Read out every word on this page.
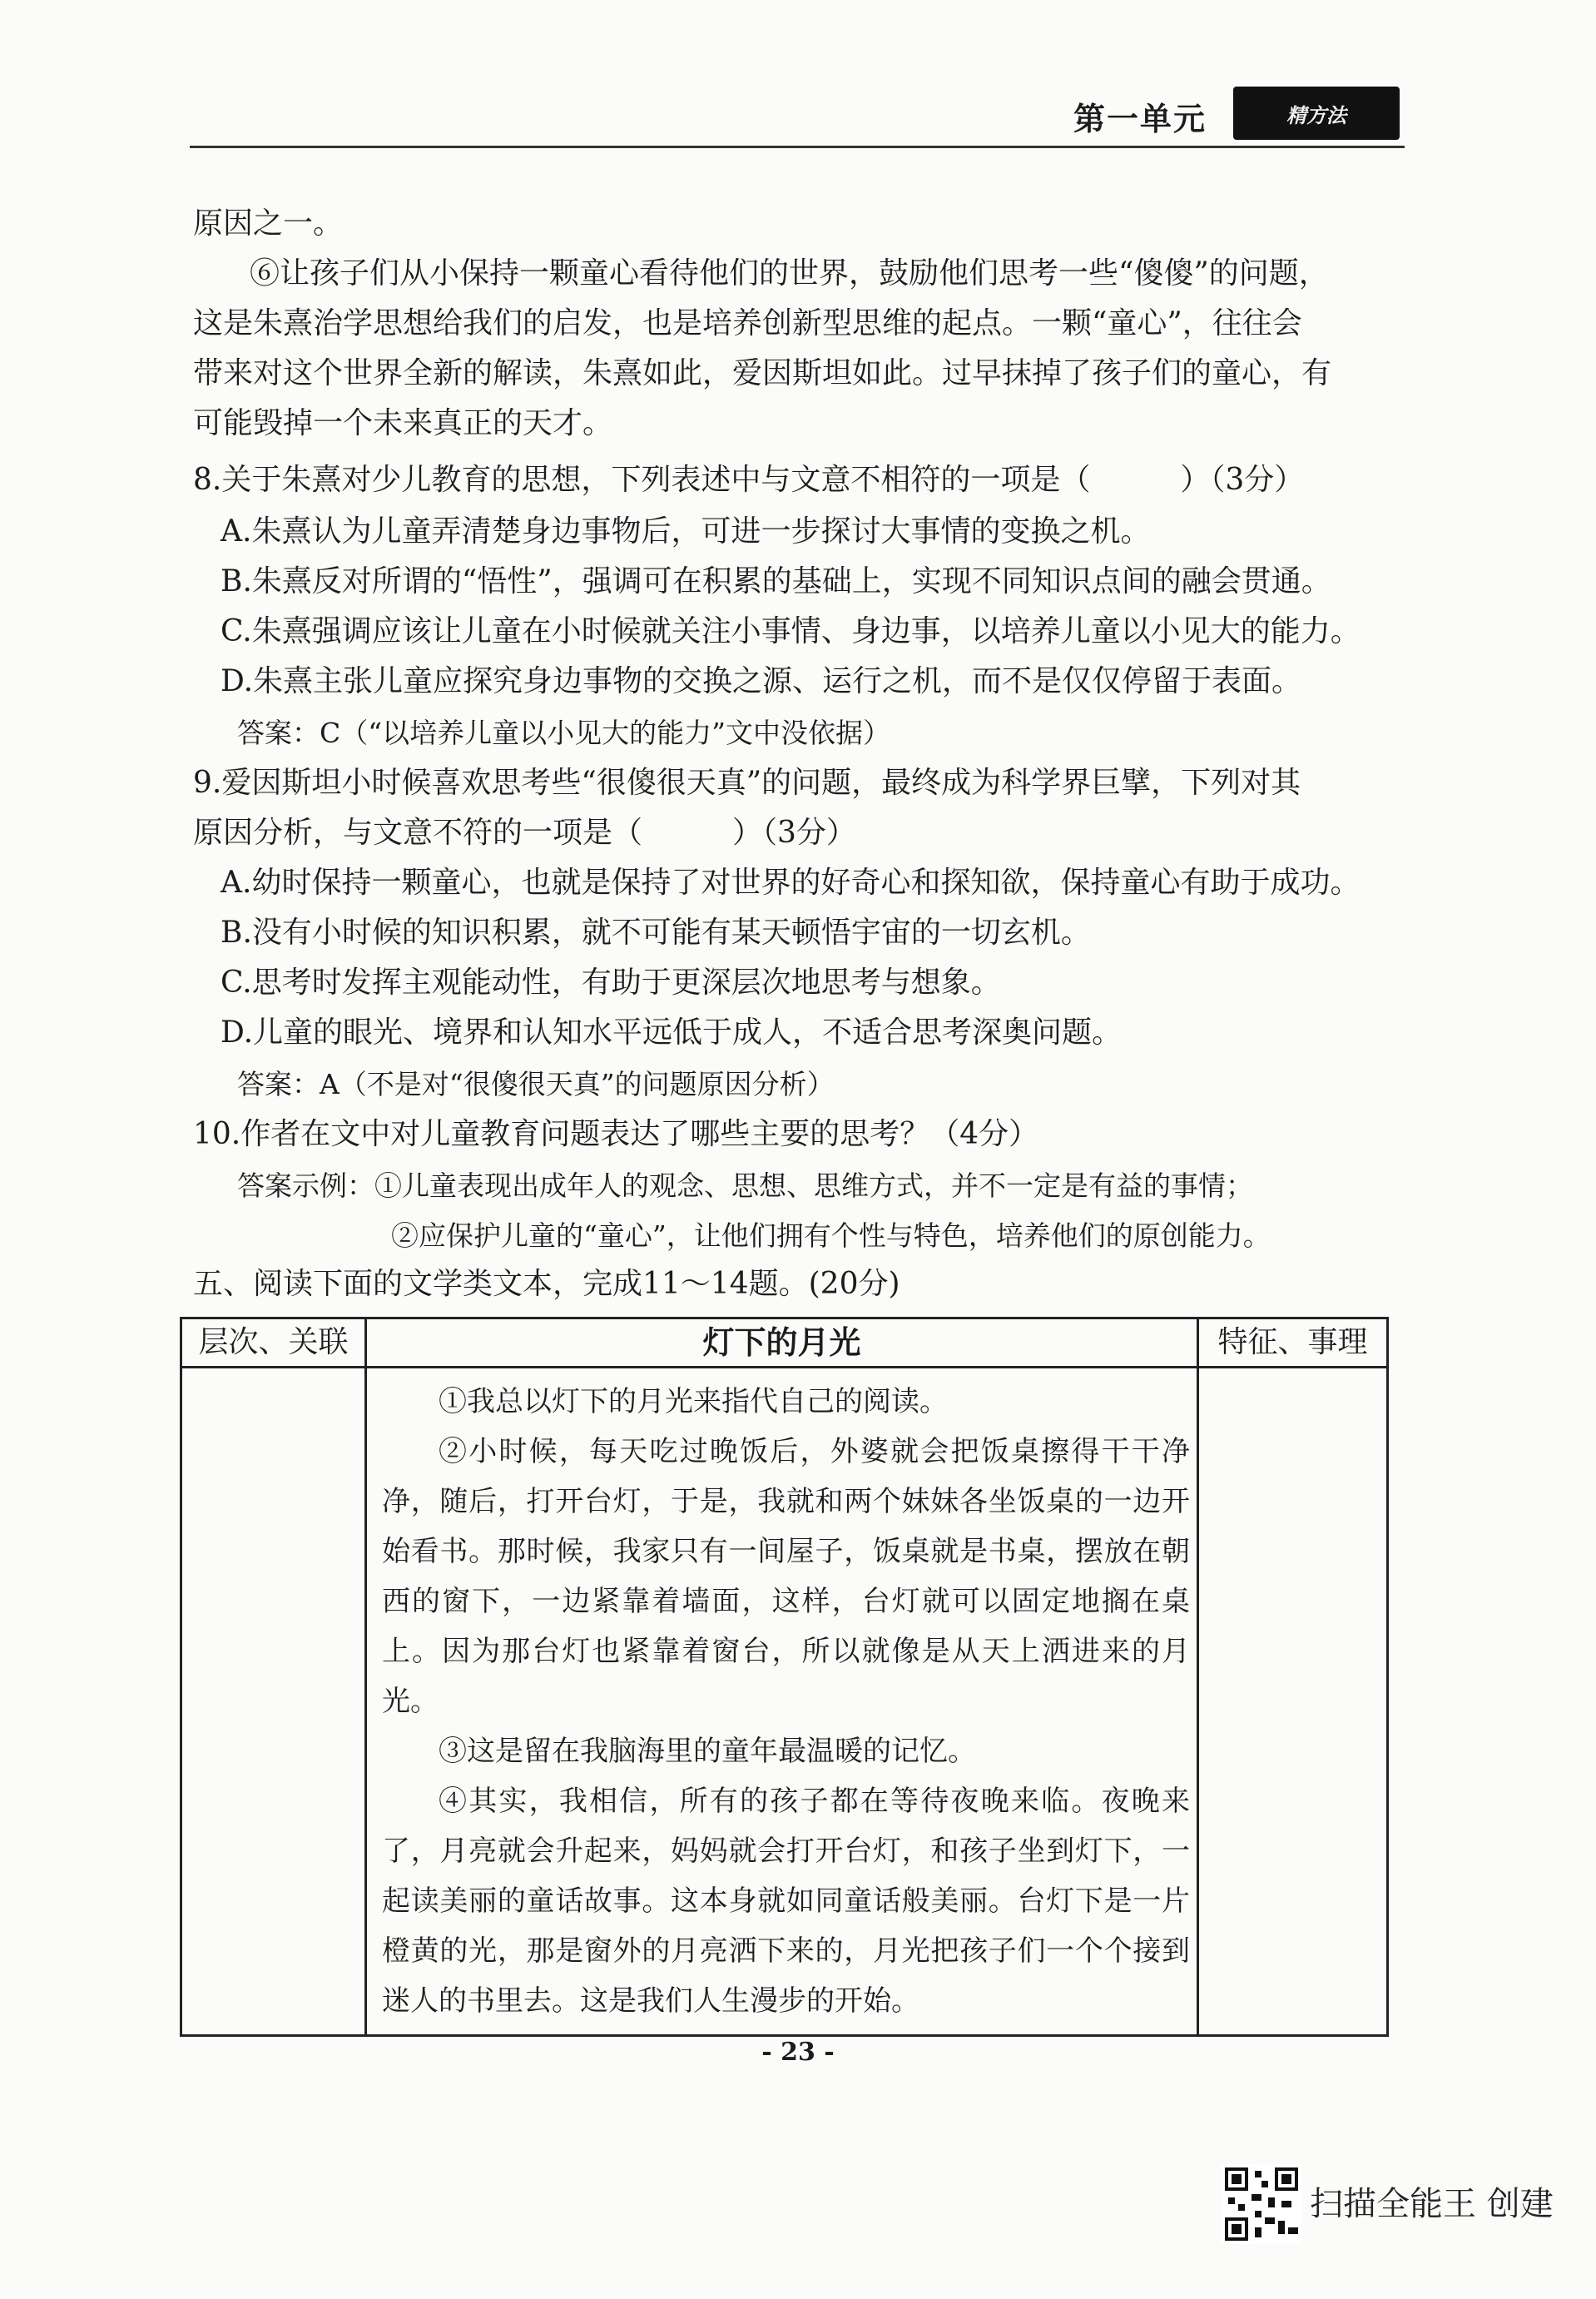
第一单元	精方法
原因之一。
⑥让孩子们从小保持一颗童心看待他们的世界，鼓励他们思考一些“傻傻”的问题，
这是朱熹治学思想给我们的启发，也是培养创新型思维的起点。一颗“童心”，往往会
带来对这个世界全新的解读，朱熹如此，爱因斯坦如此。过早抹掉了孩子们的童心，有
可能毁掉一个未来真正的天才。
8.关于朱熹对少儿教育的思想，下列表述中与文意不相符的一项是（　　　）（3分）
A.朱熹认为儿童弄清楚身边事物后，可进一步探讨大事情的变换之机。
B.朱熹反对所谓的“悟性”，强调可在积累的基础上，实现不同知识点间的融会贯通。
C.朱熹强调应该让儿童在小时候就关注小事情、身边事，以培养儿童以小见大的能力。
D.朱熹主张儿童应探究身边事物的交换之源、运行之机，而不是仅仅停留于表面。
答案：C（“以培养儿童以小见大的能力”文中没依据）
9.爱因斯坦小时候喜欢思考些“很傻很天真”的问题，最终成为科学界巨擘，下列对其
原因分析，与文意不符的一项是（　　　）（3分）
A.幼时保持一颗童心，也就是保持了对世界的好奇心和探知欲，保持童心有助于成功。
B.没有小时候的知识积累，就不可能有某天顿悟宇宙的一切玄机。
C.思考时发挥主观能动性，有助于更深层次地思考与想象。
D.儿童的眼光、境界和认知水平远低于成人，不适合思考深奥问题。
答案：A（不是对“很傻很天真”的问题原因分析）
10.作者在文中对儿童教育问题表达了哪些主要的思考？（4分）
答案示例：①儿童表现出成年人的观念、思想、思维方式，并不一定是有益的事情；
②应保护儿童的“童心”，让他们拥有个性与特色，培养他们的原创能力。
五、阅读下面的文学类文本，完成11～14题。(20分)
层次、关联	灯下的月光	特征、事理

	①我总以灯下的月光来指代自己的阅读。

②小时候，每天吃过晚饭后，外婆就会把饭桌擦得干干净净，随后，打开台灯，于是，我就和两个妹妹各坐饭桌的一边开始看书。那时候，我家只有一间屋子，饭桌就是书桌，摆放在朝西的窗下，一边紧靠着墙面，这样，台灯就可以固定地搁在桌上。因为那台灯也紧靠着窗台，所以就像是从天上洒进来的月光。

③这是留在我脑海里的童年最温暖的记忆。

④其实，我相信，所有的孩子都在等待夜晚来临。夜晚来了，月亮就会升起来，妈妈就会打开台灯，和孩子坐到灯下，一起读美丽的童话故事。这本身就如同童话般美丽。台灯下是一片橙黄的光，那是窗外的月亮洒下来的，月光把孩子们一个个接到迷人的书里去。这是我们人生漫步的开始。	

- 23 -
扫描全能王 创建
